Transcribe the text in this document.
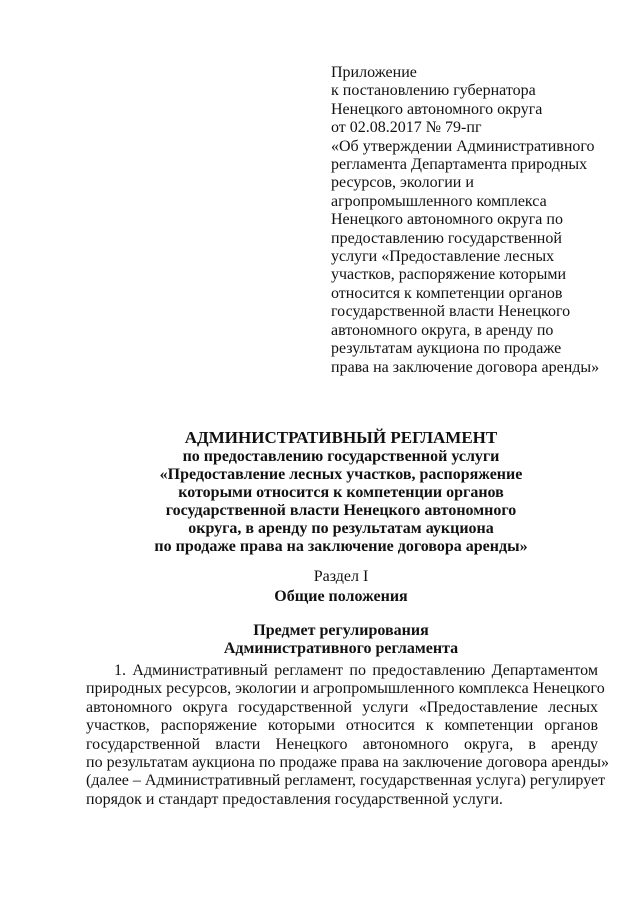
Приложение
к постановлению губернатора
Ненецкого автономного округа
от 02.08.2017 № 79-пг
«Об утверждении Административного
регламента Департамента природных
ресурсов, экологии и
агропромышленного комплекса
Ненецкого автономного округа по
предоставлению государственной
услуги «Предоставление лесных
участков, распоряжение которыми
относится к компетенции органов
государственной власти Ненецкого
автономного округа, в аренду по
результатам аукциона по продаже
права на заключение договора аренды»
АДМИНИСТРАТИВНЫЙ РЕГЛАМЕНТ
по предоставлению государственной услуги
«Предоставление лесных участков, распоряжение
которыми относится к компетенции органов
государственной власти Ненецкого автономного
округа, в аренду по результатам аукциона
по продаже права на заключение договора аренды»
Раздел I
Общие положения
Предмет регулирования
Административного регламента
1. Административный регламент по предоставлению Департаментом
природных ресурсов, экологии и агропромышленного комплекса Ненецкого
автономного округа государственной услуги «Предоставление лесных
участков, распоряжение которыми относится к компетенции органов
государственной власти Ненецкого автономного округа, в аренду
по результатам аукциона по продаже права на заключение договора аренды»
(далее – Административный регламент, государственная услуга) регулирует
порядок и стандарт предоставления государственной услуги.
